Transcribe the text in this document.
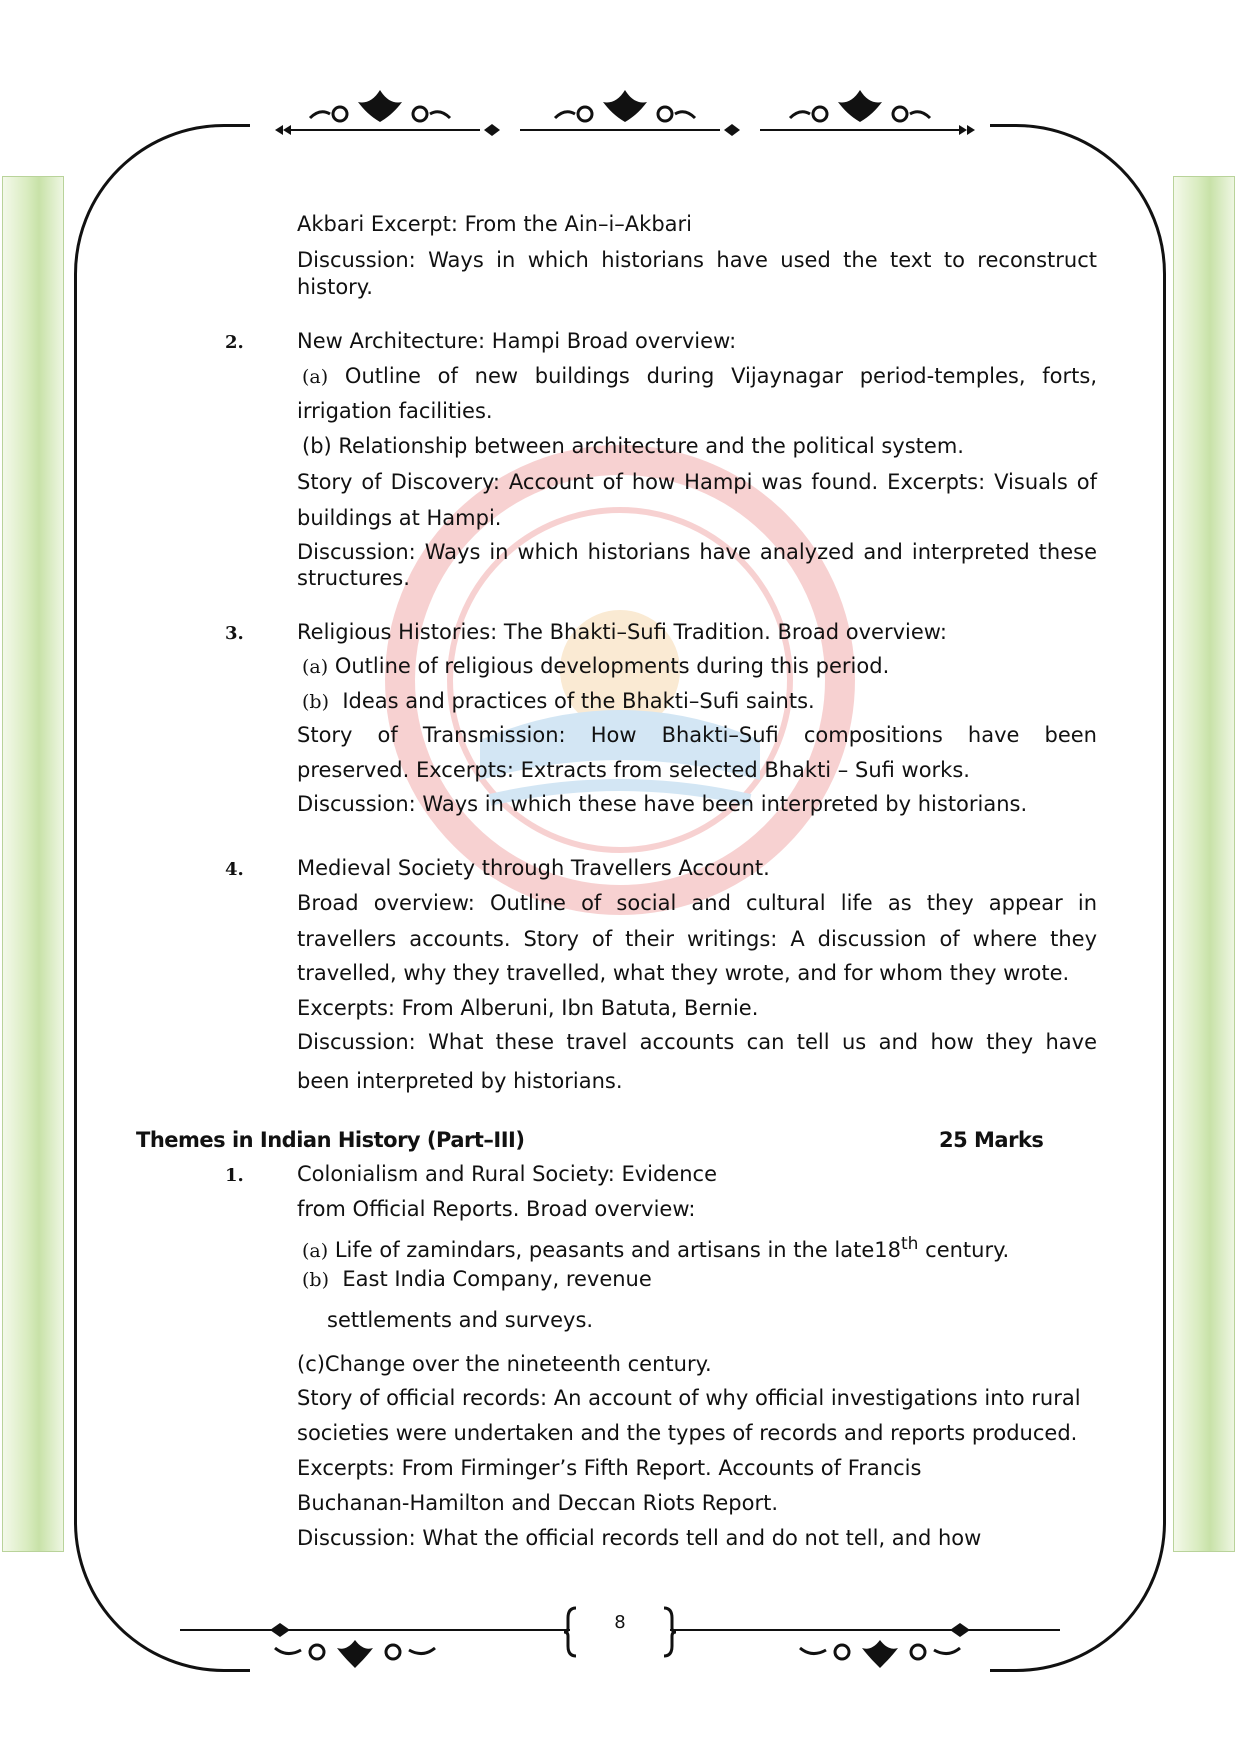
Akbari Excerpt: From the Ain–i–Akbari
Discussion: Ways in which historians have used the text to reconstruct
history.
2.	New Architecture: Hampi Broad overview:
(a) Outline of new buildings during Vijaynagar period-temples, forts,
irrigation facilities.
(b) Relationship between architecture and the political system.
Story of Discovery: Account of how Hampi was found. Excerpts: Visuals of
buildings at Hampi.
Discussion: Ways in which historians have analyzed and interpreted these
structures.
3.	Religious Histories: The Bhakti–Sufi Tradition. Broad overview:
(a) Outline of religious developments during this period.
(b) Ideas and practices of the Bhakti–Sufi saints.
Story of Transmission: How Bhakti–Sufi compositions have been
preserved. Excerpts: Extracts from selected Bhakti – Sufi works.
Discussion: Ways in which these have been interpreted by historians.
4.	Medieval Society through Travellers Account.
Broad overview: Outline of social and cultural life as they appear in
travellers accounts. Story of their writings: A discussion of where they
travelled, why they travelled, what they wrote, and for whom they wrote.
Excerpts: From Alberuni, Ibn Batuta, Bernie.
Discussion: What these travel accounts can tell us and how they have
been interpreted by historians.
Themes in Indian History (Part–III)	25 Marks
1.	Colonialism and Rural Society: Evidence
from Official Reports. Broad overview:
(a) Life of zamindars, peasants and artisans in the late18th century.
(b) East India Company, revenue
settlements and surveys.
(c)Change over the nineteenth century.
Story of official records: An account of why official investigations into rural
societies were undertaken and the types of records and reports produced.
Excerpts: From Firminger’s Fifth Report. Accounts of Francis
Buchanan-Hamilton and Deccan Riots Report.
Discussion: What the official records tell and do not tell, and how
8
